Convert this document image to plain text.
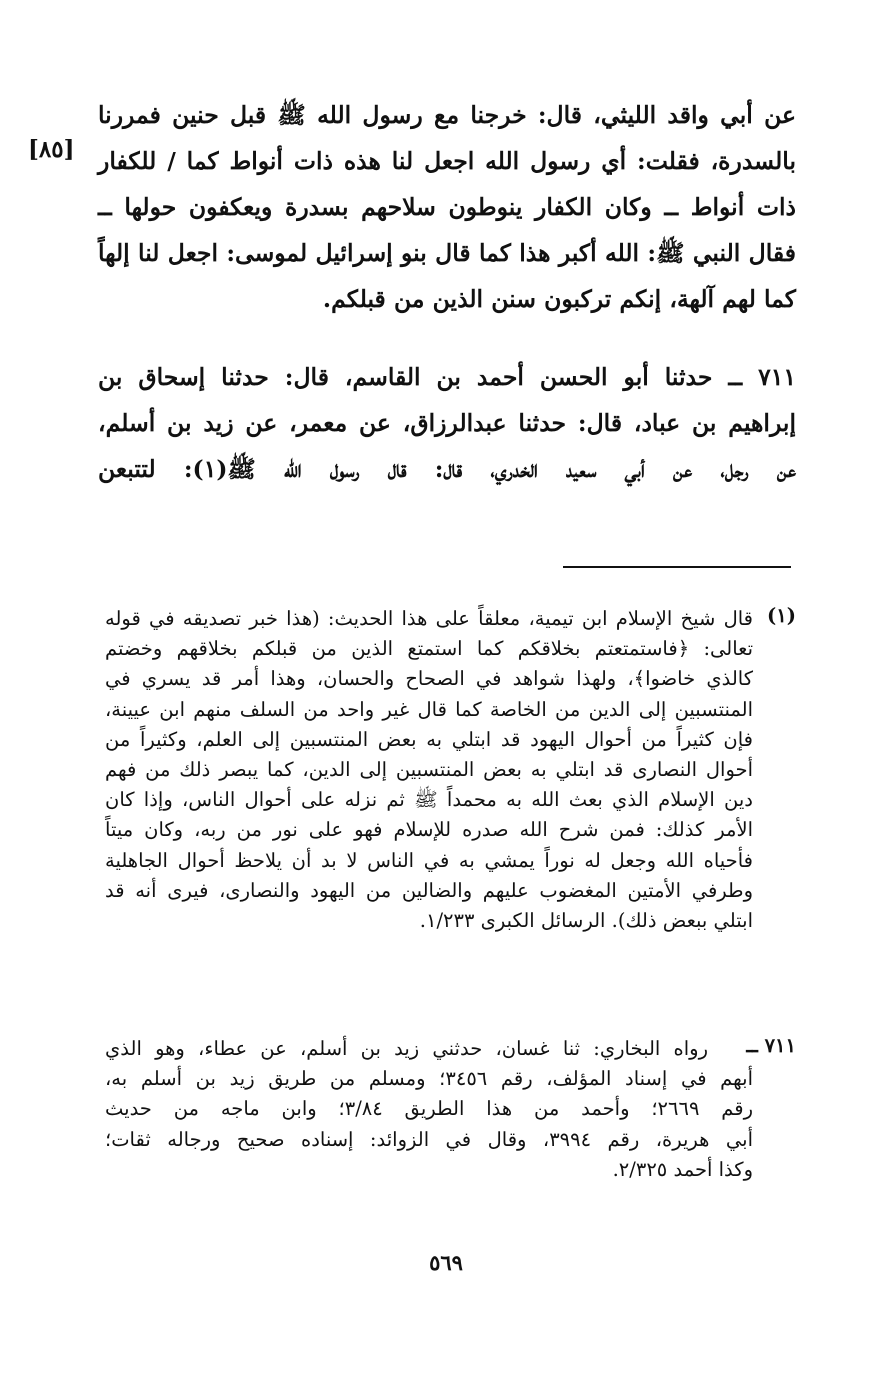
عن أبي واقد الليثي، قال: خرجنا مع رسول الله ﷺ قبل حنين فمررنا
بالسدرة، فقلت: أي رسول الله اجعل لنا هذه ذات أنواط كما / للكفار
ذات أنواط ــ وكان الكفار ينوطون سلاحهم بسدرة ويعكفون حولها ــ
فقال النبي ﷺ: الله أكبر هذا كما قال بنو إسرائيل لموسى: اجعل لنا إلهاً
كما لهم آلهة، إنكم تركبون سنن الذين من قبلكم.
[٨٥]
٧١١ ــ حدثنا أبو الحسن أحمد بن القاسم، قال: حدثنا إسحاق بن
إبراهيم بن عباد، قال: حدثنا عبدالرزاق، عن معمر، عن زيد بن أسلم،
عن رجل، عن أبي سعيد الخدري، قال: قال رسول الله ﷺ(١): لتتبعن
(١)
قال شيخ الإسلام ابن تيمية، معلقاً على هذا الحديث: (هذا خبر تصديقه في قوله
تعالى: ﴿فاستمتعتم بخلاقكم كما استمتع الذين من قبلكم بخلاقهم وخضتم
كالذي خاضوا﴾، ولهذا شواهد في الصحاح والحسان، وهذا أمر قد يسري في
المنتسبين إلى الدين من الخاصة كما قال غير واحد من السلف منهم ابن عيينة،
فإن كثيراً من أحوال اليهود قد ابتلي به بعض المنتسبين إلى العلم، وكثيراً من
أحوال النصارى قد ابتلي به بعض المنتسبين إلى الدين، كما يبصر ذلك من فهم
دين الإسلام الذي بعث الله به محمداً ﷺ ثم نزله على أحوال الناس، وإذا كان
الأمر كذلك: فمن شرح الله صدره للإسلام فهو على نور من ربه، وكان ميتاً
فأحياه الله وجعل له نوراً يمشي به في الناس لا بد أن يلاحظ أحوال الجاهلية
وطرفي الأمتين المغضوب عليهم والضالين من اليهود والنصارى، فيرى أنه قد
ابتلي ببعض ذلك). الرسائل الكبرى ١/٢٣٣.
٧١١ ــ
رواه البخاري: ثنا غسان، حدثني زيد بن أسلم، عن عطاء، وهو الذي
أبهم في إسناد المؤلف، رقم ٣٤٥٦؛ ومسلم من طريق زيد بن أسلم به،
رقم ٢٦٦٩؛ وأحمد من هذا الطريق ٣/٨٤؛ وابن ماجه من حديث
أبي هريرة، رقم ٣٩٩٤، وقال في الزوائد: إسناده صحيح ورجاله ثقات؛
وكذا أحمد ٢/٣٢٥.
٥٦٩
